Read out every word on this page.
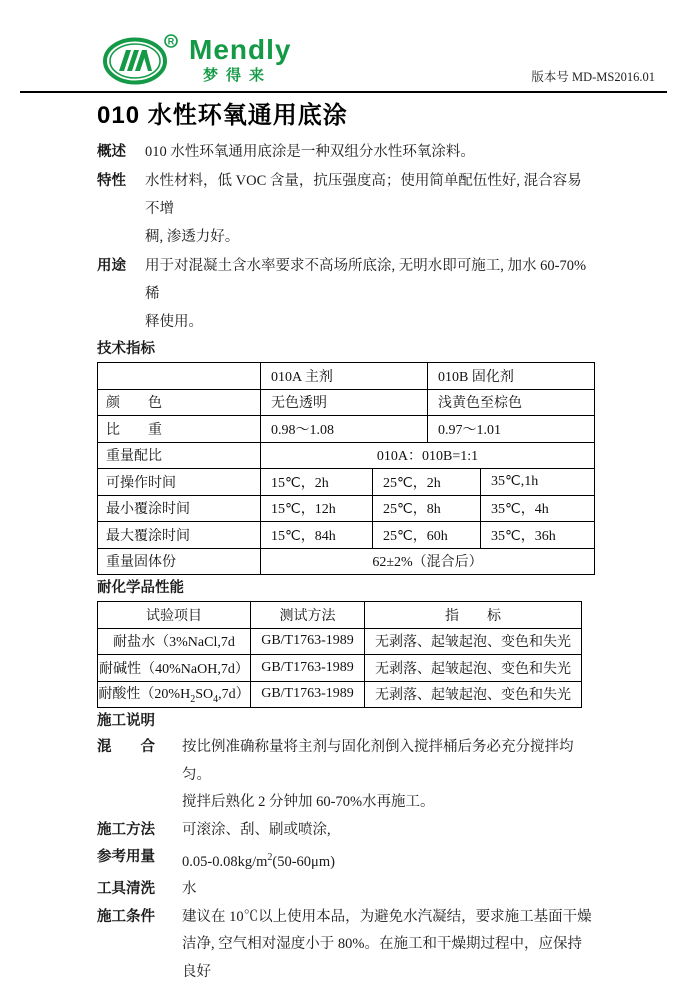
R Mendly
梦得来	版本号 MD-MS2016.01
010 水性环氧通用底涂
概述	010 水性环氧通用底涂是一种双组分水性环氧涂料。
特性	水性材料，低 VOC 含量，抗压强度高；使用简单配伍性好, 混合容易不增
稠, 渗透力好。
用途	用于对混凝土含水率要求不高场所底涂, 无明水即可施工, 加水 60-70%稀
释使用。
技术指标
	010A 主剂		010B 固化剂	
颜　　色	无色透明		浅黄色至棕色	
比　　重	0.98～1.08		0.97～1.01	
重量配比	010A：010B=1:1			
可操作时间	15℃，2h	25℃，2h		35℃,1h
最小覆涂时间	15℃，12h	25℃，8h		35℃，4h
最大覆涂时间	15℃，84h	25℃，60h		35℃，36h
重量固体份	62±2%（混合后）			
耐化学品性能
试验项目	测试方法	指　　标
耐盐水（3%NaCl,7d	GB/T1763-1989	无剥落、起皱起泡、变色和失光
耐碱性（40%NaOH,7d）	GB/T1763-1989	无剥落、起皱起泡、变色和失光
耐酸性$(20\%H_2SO_4,7d)$	GB/T1763-1989	无剥落、起皱起泡、变色和失光
施工说明
混　　合	按比例准确称量将主剂与固化剂倒入搅拌桶后务必充分搅拌均匀。
搅拌后熟化 2 分钟加 60-70%水再施工。
施工方法	可滚涂、刮、刷或喷涂,
参考用量	$0.05-0.08kg/m^2(50-60\mu m)$
工具清洗	水
施工条件	建议在 10℃以上使用本品，为避免水汽凝结，要求施工基面干燥
洁净, 空气相对湿度小于 80%。在施工和干燥期过程中，应保持良好
